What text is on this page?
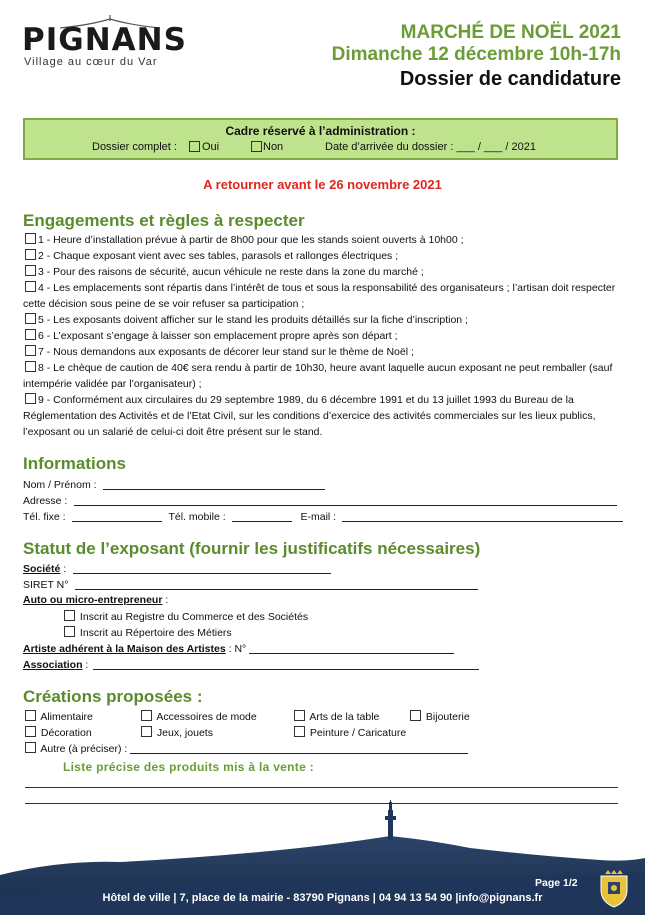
PIGNANS
Village au cœur du Var
MARCHÉ DE NOËL 2021
Dimanche 12 décembre 10h-17h
Dossier de candidature
Cadre réservé à l’administration :
Dossier complet : Oui	Non	Date d’arrivée du dossier : ___ / ___ / 2021
A retourner avant le 26 novembre 2021
Engagements et règles à respecter
1 - Heure d’installation prévue à partir de 8h00 pour que les stands soient ouverts à 10h00 ;
2 - Chaque exposant vient avec ses tables, parasols et rallonges électriques ;
3 - Pour des raisons de sécurité, aucun véhicule ne reste dans la zone du marché ;
4 - Les emplacements sont répartis dans l’intérêt de tous et sous la responsabilité des organisateurs ; l’artisan doit respecter cette décision sous peine de se voir refuser sa participation ;
5 - Les exposants doivent afficher sur le stand les produits détaillés sur la fiche d’inscription ;
6 - L’exposant s’engage à laisser son emplacement propre après son départ ;
7 - Nous demandons aux exposants de décorer leur stand sur le thème de Noël ;
8 - Le chèque de caution de 40€ sera rendu à partir de 10h30, heure avant laquelle aucun exposant ne peut remballer (sauf intempérie validée par l’organisateur) ;
9 - Conformément aux circulaires du 29 septembre 1989, du 6 décembre 1991 et du 13 juillet 1993 du Bureau de la Réglementation des Activités et de l’Etat Civil, sur les conditions d’exercice des activités commerciales sur les lieux publics, l’exposant ou un salarié de celui-ci doit être présent sur le stand.
Informations
Nom / Prénom :
Adresse :
Tél. fixe :	Tél. mobile :	E-mail :
Statut de l’exposant (fournir les justificatifs nécessaires)
Société :
SIRET N°
Auto ou micro-entrepreneur :
Inscrit au Registre du Commerce et des Sociétés
Inscrit au Répertoire des Métiers
Artiste adhérent à la Maison des Artistes : N°
Association :
Créations proposées :
Alimentaire	Accessoires de mode	Arts de la table	Bijouterie
Décoration	Jeux, jouets	Peinture / Caricature
Autre (à préciser) :
Liste précise des produits mis à la vente :
Page 1/2
Hôtel de ville | 7, place de la mairie - 83790 Pignans | 04 94 13 54 90 |info@pignans.fr
